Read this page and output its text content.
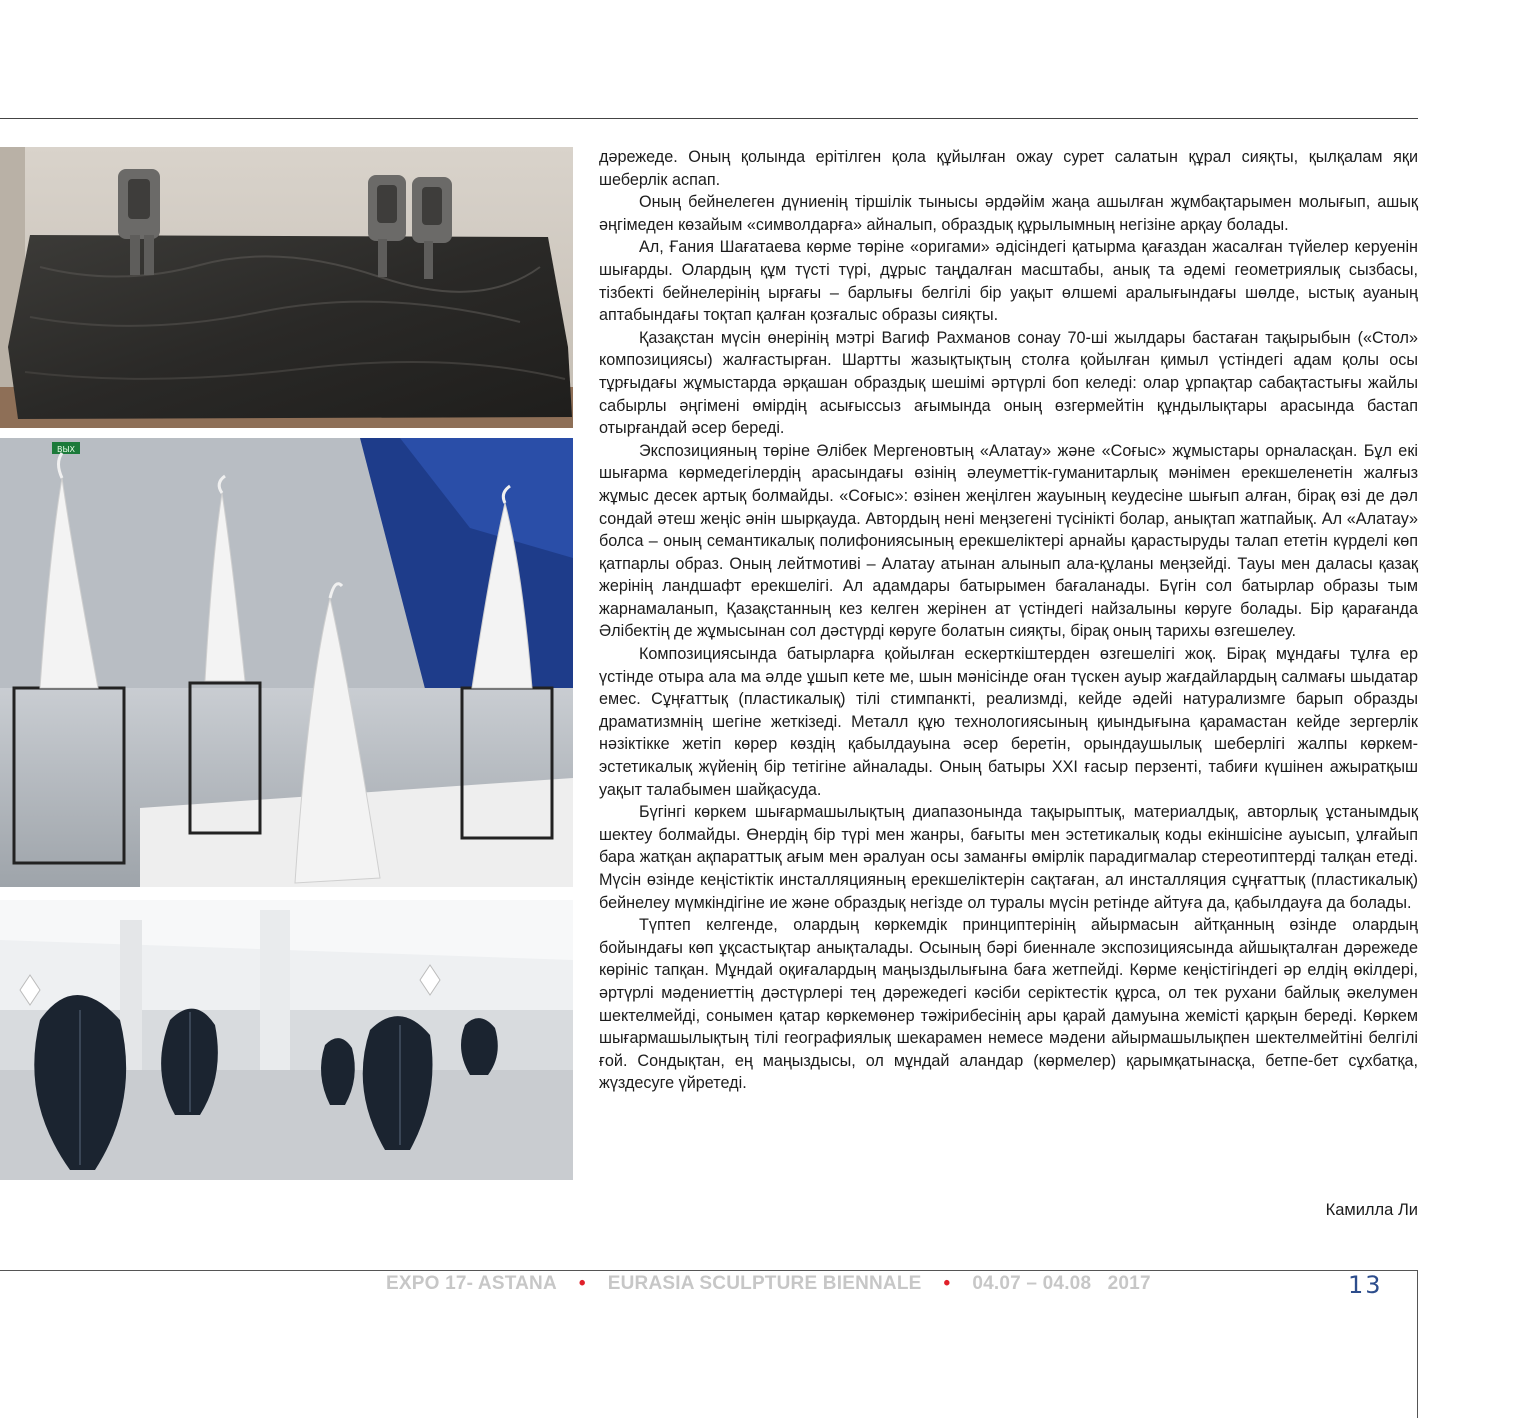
ВЫХ

дәрежеде. Оның қолында ерітілген қола құйылған ожау сурет салатын құрал сияқты, қылқалам яқи шеберлік аспап.

Оның бейнелеген дүниенің тіршілік тынысы әрдәйім жаңа ашылған жұмбақтарымен молығып, ашық әңгімеден көзайым «символдарға» айналып, образдық құрылымның негізіне арқау болады.

Ал, Ғания Шағатаева көрме төріне «оригами» әдісіндегі қатырма қағаздан жасалған түйелер керуенін шығарды. Олардың құм түсті түрі, дұрыс таңдалған масштабы, анық та әдемі геометриялық сызбасы, тізбекті бейнелерінің ырғағы – барлығы белгілі бір уақыт өлшемі аралығындағы шөлде, ыстық ауаның аптабындағы тоқтап қалған қозғалыс образы сияқты.

Қазақстан мүсін өнерінің мэтрі Вагиф Рахманов сонау 70-ші жылдары бастаған тақырыбын («Стол» композициясы) жалғастырған. Шартты жазықтықтың столға қойылған қимыл үстіндегі адам қолы осы тұрғыдағы жұмыстарда әрқашан образдық шешімі әртүрлі боп келеді: олар ұрпақтар сабақтастығы жайлы сабырлы әңгімені өмірдің асығыссыз ағымында оның өзгермейтін құндылықтары арасында бастап отырғандай әсер береді.

Экспозицияның төріне Әлібек Мергеновтың «Алатау» және «Соғыс» жұмыстары орналасқан. Бұл екі шығарма көрмедегілердің арасындағы өзінің әлеуметтік-гуманитарлық мәнімен ерекшеленетін жалғыз жұмыс десек артық болмайды. «Соғыс»: өзінен жеңілген жауының кеудесіне шығып алған, бірақ өзі де дәл сондай әтеш жеңіс әнін шырқауда. Автордың нені меңзегені түсінікті болар, анықтап жатпайық. Ал «Алатау» болса – оның семантикалық полифониясының ерекшеліктері арнайы қарастыруды талап ететін күрделі көп қатпарлы образ. Оның лейтмотиві – Алатау атынан алынып ала-құланы меңзейді. Тауы мен даласы қазақ жерінің ландшафт ерекшелігі. Ал адамдары батырымен бағаланады. Бүгін сол батырлар образы тым жарнамаланып, Қазақстанның кез келген жерінен ат үстіндегі найзалыны көруге болады. Бір қарағанда Әлібектің де жұмысынан сол дәстүрді көруге болатын сияқты, бірақ оның тарихы өзгешелеу.

Композициясында батырларға қойылған ескерткіштерден өзгешелігі жоқ. Бірақ мұндағы тұлға ер үстінде отыра ала ма әлде ұшып кете ме, шын мәнісінде оған түскен ауыр жағдайлардың салмағы шыдатар емес. Сұңғаттық (пластикалық) тілі стимпанкті, реализмді, кейде әдейі натурализмге барып образды драматизмнің шегіне жеткізеді. Металл құю технологиясының қиындығына қарамастан кейде зергерлік нәзіктікке жетіп көрер көздің қабылдауына әсер беретін, орындаушылық шеберлігі жалпы көркем-эстетикалық жүйенің бір тетігіне айналады. Оның батыры XXI ғасыр перзенті, табиғи күшінен ажыратқыш уақыт талабымен шайқасуда.

Бүгінгі көркем шығармашылықтың диапазонында тақырыптық, материалдық, авторлық ұстанымдық шектеу болмайды. Өнердің бір түрі мен жанры, бағыты мен эстетикалық коды екіншісіне ауысып, ұлғайып бара жатқан ақпараттық ағым мен әралуан осы заманғы өмірлік парадигмалар стереотиптерді талқан етеді. Мүсін өзінде кеңістіктік инсталляцияның ерекшеліктерін сақтаған, ал инсталляция сұңғаттық (пластикалық) бейнелеу мүмкіндігіне ие және образдық негізде ол туралы мүсін ретінде айтуға да, қабылдауға да болады.

Түптеп келгенде, олардың көркемдік принциптерінің айырмасын айтқанның өзінде олардың бойындағы көп ұқсастықтар анықталады. Осының бәрі биеннале экспозициясында айшықталған дәрежеде көрініс тапқан. Мұндай оқиғалардың маңыздылығына баға жетпейді. Көрме кеңістігіндегі әр елдің өкілдері, әртүрлі мәдениеттің дәстүрлері тең дәрежедегі кәсіби серіктестік құрса, ол тек рухани байлық әкелумен шектелмейді, сонымен қатар көркемөнер тәжірибесінің ары қарай дамуына жемісті қарқын береді. Көркем шығармашылықтың тілі географиялық шекарамен немесе мәдени айырмашылықпен шектелмейтіні белгілі ғой. Сондықтан, ең маңыздысы, ол мұндай аландар (көрмелер) қарымқатынасқа, бетпе-бет сұхбатқа, жүздесуге үйретеді.

Камилла Ли
EXPO 17- ASTANA • EURASIA SCULPTURE BIENNALE • 04.07 – 04.08   2017	13
